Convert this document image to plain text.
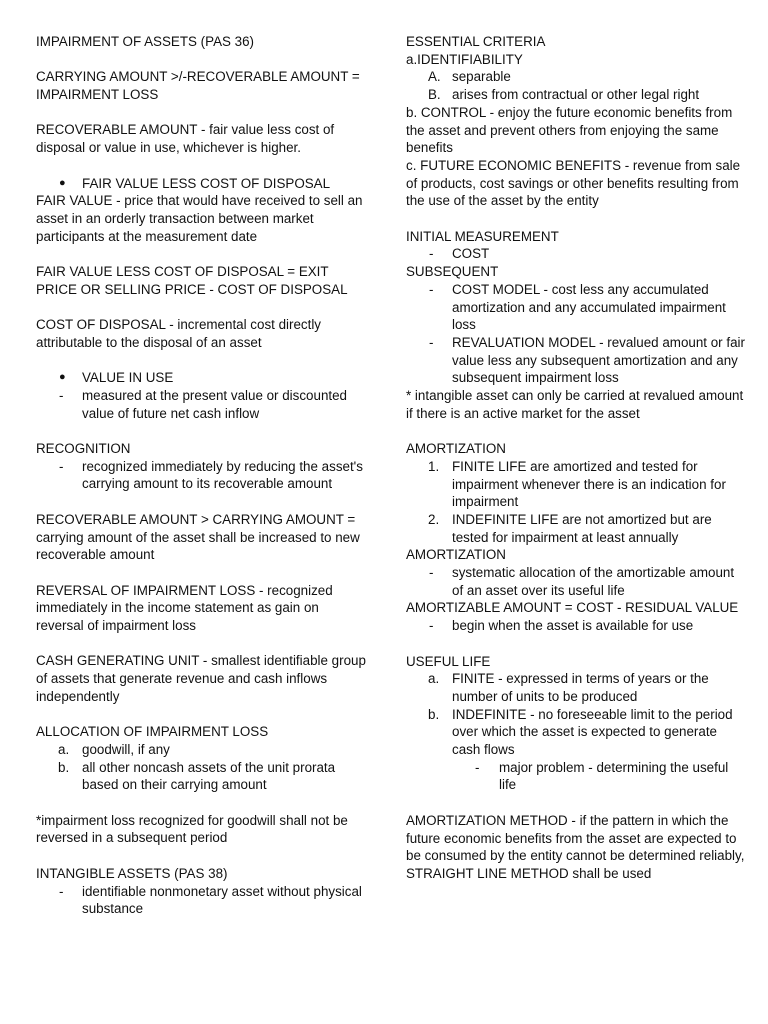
IMPAIRMENT OF ASSETS (PAS 36)

CARRYING AMOUNT >/-RECOVERABLE AMOUNT = IMPAIRMENT LOSS

RECOVERABLE AMOUNT - fair value less cost of disposal or value in use, whichever is higher.

● FAIR VALUE LESS COST OF DISPOSAL

FAIR VALUE - price that would have received to sell an asset in an orderly transaction between market participants at the measurement date

FAIR VALUE LESS COST OF DISPOSAL = EXIT PRICE OR SELLING PRICE - COST OF DISPOSAL

COST OF DISPOSAL - incremental cost directly attributable to the disposal of an asset

● VALUE IN USE
- measured at the present value or discounted value of future net cash inflow

RECOGNITION

- recognized immediately by reducing the asset's carrying amount to its recoverable amount

RECOVERABLE AMOUNT > CARRYING AMOUNT = carrying amount of the asset shall be increased to new recoverable amount

REVERSAL OF IMPAIRMENT LOSS - recognized immediately in the income statement as gain on reversal of impairment loss

CASH GENERATING UNIT - smallest identifiable group of assets that generate revenue and cash inflows independently

ALLOCATION OF IMPAIRMENT LOSS

a. goodwill, if any
b. all other noncash assets of the unit prorata based on their carrying amount

*impairment loss recognized for goodwill shall not be reversed in a subsequent period

INTANGIBLE ASSETS (PAS 38)

- identifiable nonmonetary asset without physical substance

ESSENTIAL CRITERIA

a.IDENTIFIABILITY

A. separable
B. arises from contractual or other legal right

b. CONTROL - enjoy the future economic benefits from the asset and prevent others from enjoying the same benefits

c. FUTURE ECONOMIC BENEFITS - revenue from sale of products, cost savings or other benefits resulting from the use of the asset by the entity

INITIAL MEASUREMENT

- COST

SUBSEQUENT

- COST MODEL - cost less any accumulated amortization and any accumulated impairment loss
- REVALUATION MODEL - revalued amount or fair value less any subsequent amortization and any subsequent impairment loss

* intangible asset can only be carried at revalued amount if there is an active market for the asset

AMORTIZATION

1. FINITE LIFE are amortized and tested for impairment whenever there is an indication for impairment
2. INDEFINITE LIFE are not amortized but are tested for impairment at least annually

AMORTIZATION

- systematic allocation of the amortizable amount of an asset over its useful life

AMORTIZABLE AMOUNT = COST - RESIDUAL VALUE

- begin when the asset is available for use

USEFUL LIFE

a. FINITE - expressed in terms of years or the number of units to be produced
b. INDEFINITE - no foreseeable limit to the period over which the asset is expected to generate cash flows
- major problem - determining the useful life

AMORTIZATION METHOD - if the pattern in which the future economic benefits from the asset are expected to be consumed by the entity cannot be determined reliably, STRAIGHT LINE METHOD shall be used
